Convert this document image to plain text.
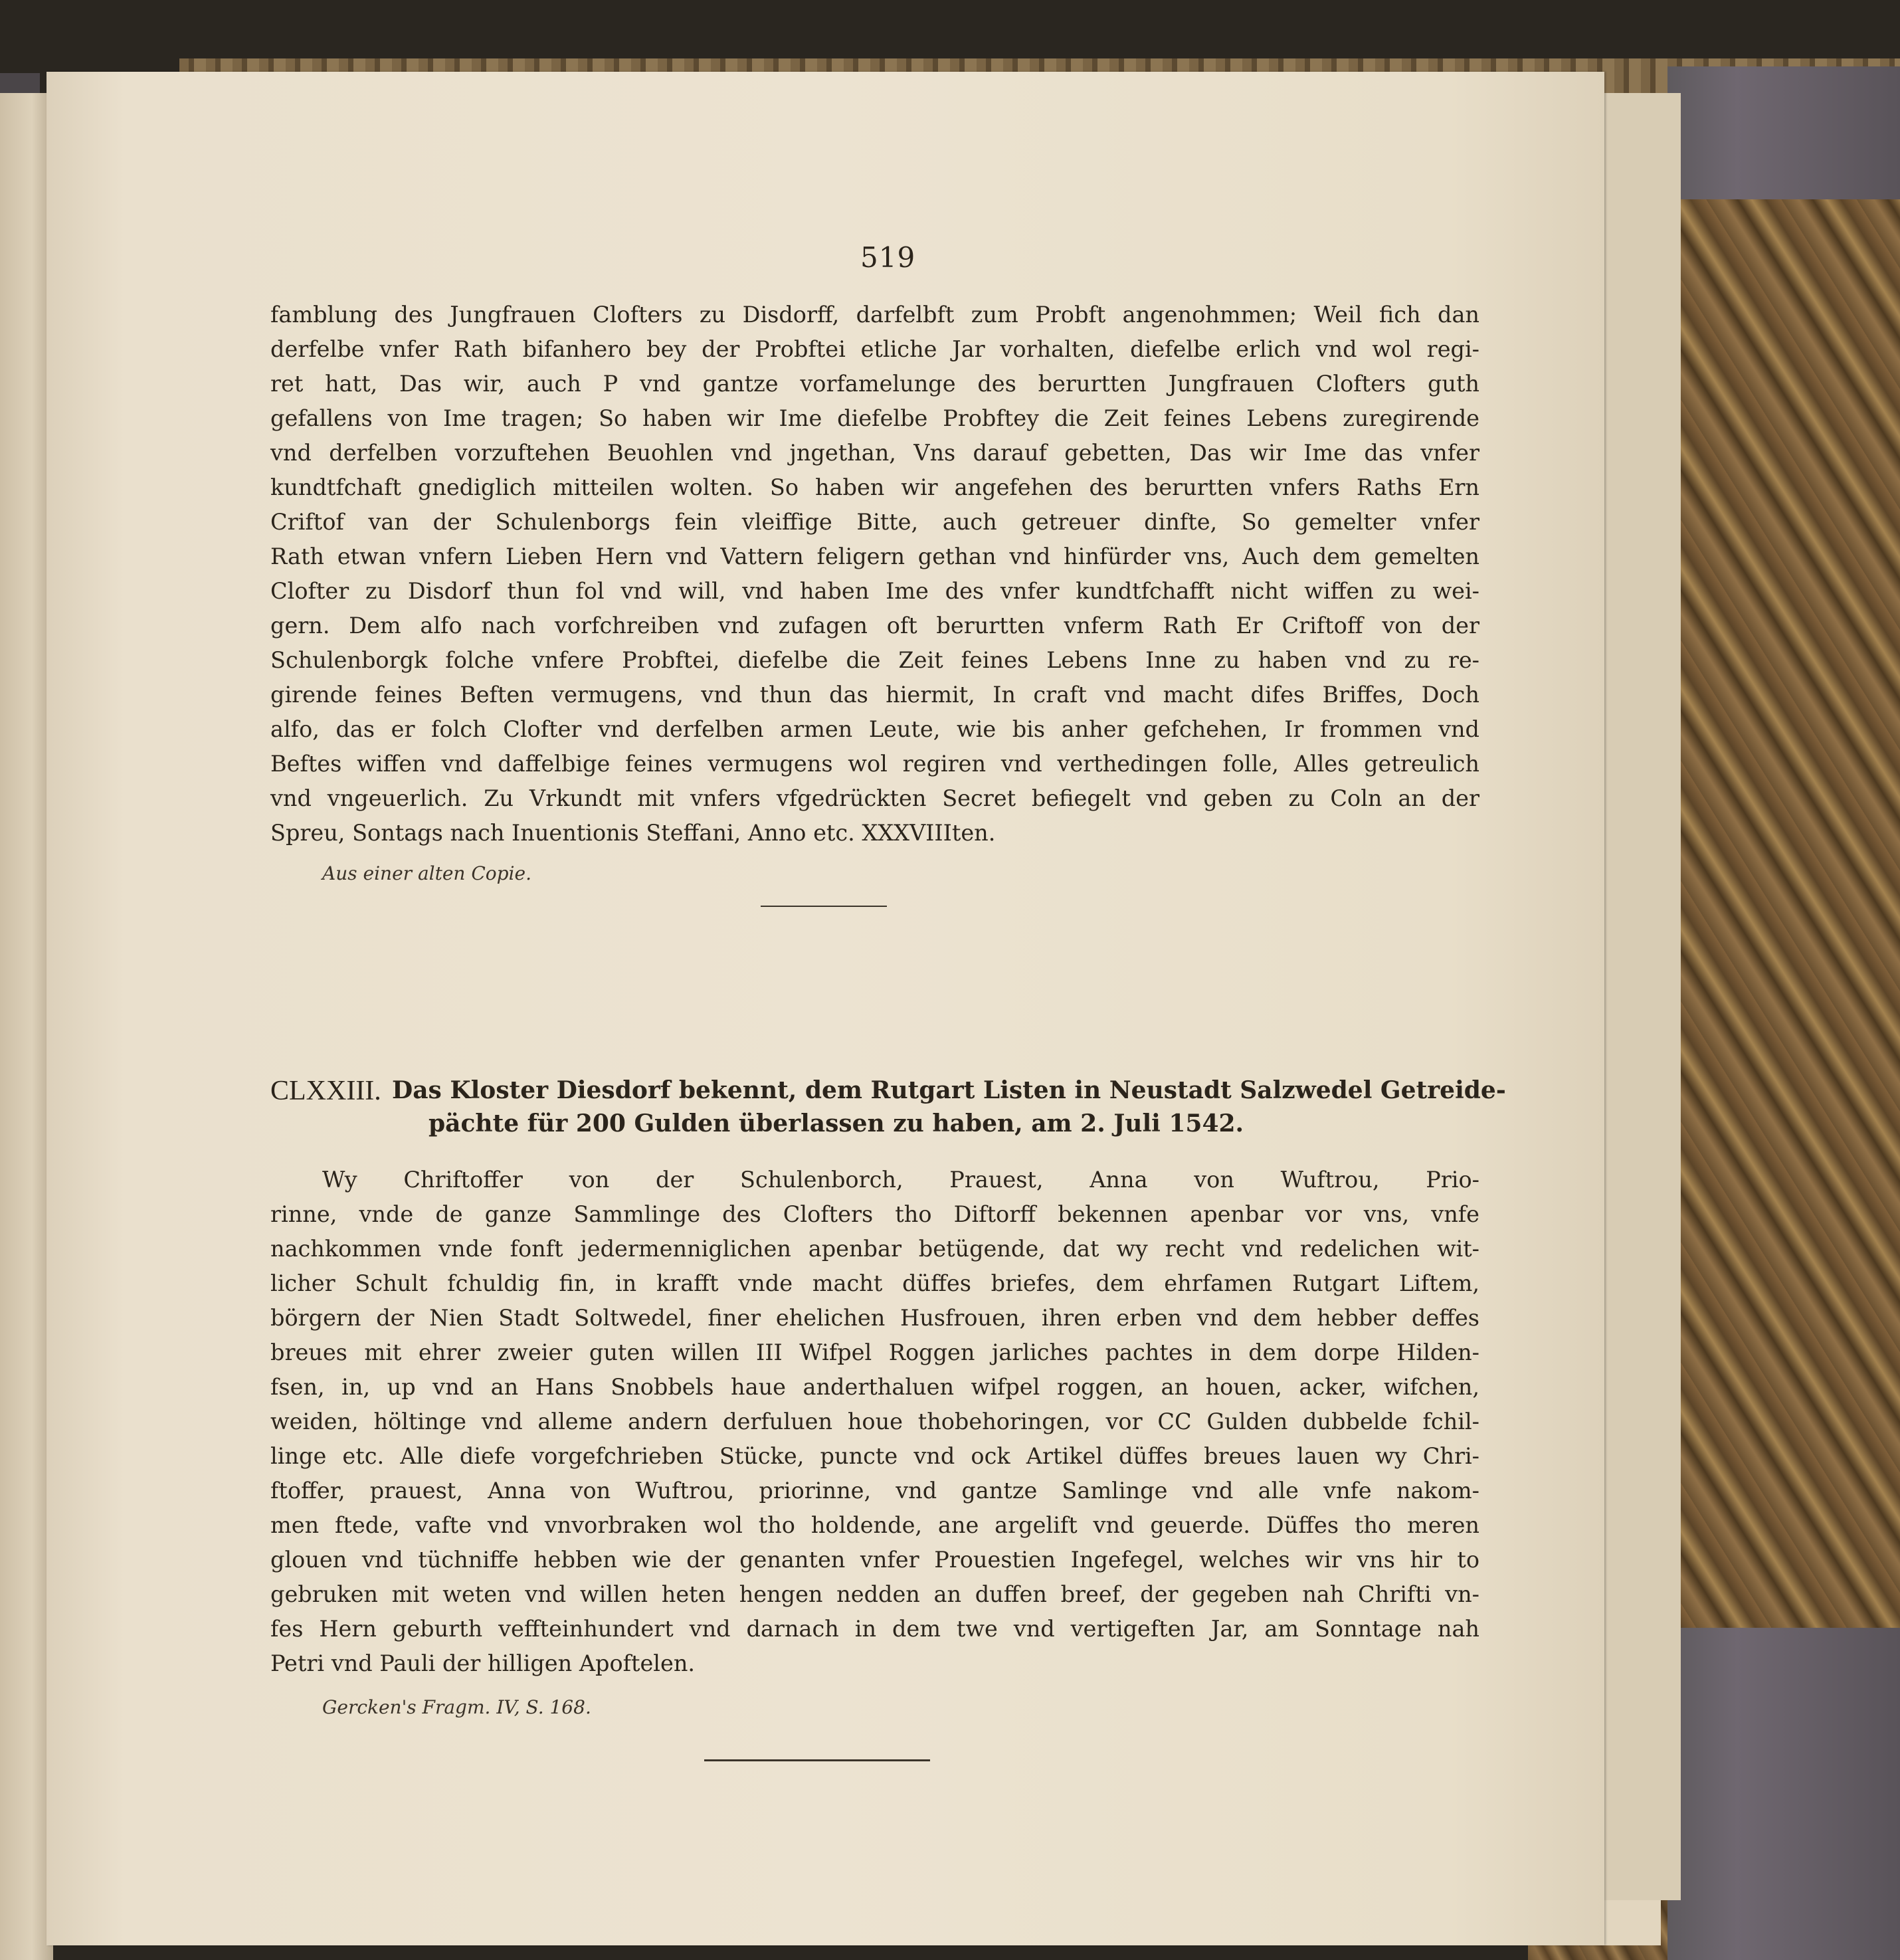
519
famblung des Jungfrauen Clofters zu Disdorff, darfelbft zum Probft angenohmmen; Weil fich dan
derfelbe vnfer Rath bifanhero bey der Probftei etliche Jar vorhalten, diefelbe erlich vnd wol regi-
ret hatt, Das wir, auch P vnd gantze vorfamelunge des berurtten Jungfrauen Clofters guth
gefallens von Ime tragen; So haben wir Ime diefelbe Probftey die Zeit feines Lebens zuregirende
vnd derfelben vorzuftehen Beuohlen vnd jngethan, Vns darauf gebetten, Das wir Ime das vnfer
kundtfchaft gnediglich mitteilen wolten. So haben wir angefehen des berurtten vnfers Raths Ern
Criftof van der Schulenborgs fein vleiffige Bitte, auch getreuer dinfte, So gemelter vnfer
Rath etwan vnfern Lieben Hern vnd Vattern feligern gethan vnd hinfürder vns, Auch dem gemelten
Clofter zu Disdorf thun fol vnd will, vnd haben Ime des vnfer kundtfchafft nicht wiffen zu wei-
gern. Dem alfo nach vorfchreiben vnd zufagen oft berurtten vnferm Rath Er Criftoff von der
Schulenborgk folche vnfere Probftei, diefelbe die Zeit feines Lebens Inne zu haben vnd zu re-
girende feines Beften vermugens, vnd thun das hiermit, In craft vnd macht difes Briffes, Doch
alfo, das er folch Clofter vnd derfelben armen Leute, wie bis anher gefchehen, Ir frommen vnd
Beftes wiffen vnd daffelbige feines vermugens wol regiren vnd verthedingen folle, Alles getreulich
vnd vngeuerlich. Zu Vrkundt mit vnfers vfgedrückten Secret befiegelt vnd geben zu Coln an der
Spreu, Sontags nach Inuentionis Steffani, Anno etc. XXXVIIIten.
Aus einer alten Copie.
CLXXIII. Das Kloster Diesdorf bekennt, dem Rutgart Listen in Neustadt Salzwedel Getreide-
pächte für 200 Gulden überlassen zu haben, am 2. Juli 1542.
Wy Chriftoffer von der Schulenborch, Prauest, Anna von Wuftrou, Prio-
rinne, vnde de ganze Sammlinge des Clofters tho Diftorff bekennen apenbar vor vns, vnfe
nachkommen vnde fonft jedermenniglichen apenbar betügende, dat wy recht vnd redelichen wit-
licher Schult fchuldig fin, in krafft vnde macht düffes briefes, dem ehrfamen Rutgart Liftem,
börgern der Nien Stadt Soltwedel, finer ehelichen Husfrouen, ihren erben vnd dem hebber deffes
breues mit ehrer zweier guten willen III Wifpel Roggen jarliches pachtes in dem dorpe Hilden-
fsen, in, up vnd an Hans Snobbels haue anderthaluen wifpel roggen, an houen, acker, wifchen,
weiden, höltinge vnd alleme andern derfuluen houe thobehoringen, vor CC Gulden dubbelde fchil-
linge etc. Alle diefe vorgefchrieben Stücke, puncte vnd ock Artikel düffes breues lauen wy Chri-
ftoffer, prauest, Anna von Wuftrou, priorinne, vnd gantze Samlinge vnd alle vnfe nakom-
men ftede, vafte vnd vnvorbraken wol tho holdende, ane argelift vnd geuerde. Düffes tho meren
glouen vnd tüchniffe hebben wie der genanten vnfer Prouestien Ingefegel, welches wir vns hir to
gebruken mit weten vnd willen heten hengen nedden an duffen breef, der gegeben nah Chrifti vn-
fes Hern geburth veffteinhundert vnd darnach in dem twe vnd vertigeften Jar, am Sonntage nah
Petri vnd Pauli der hilligen Apoftelen.
Gercken's Fragm. IV, S. 168.
